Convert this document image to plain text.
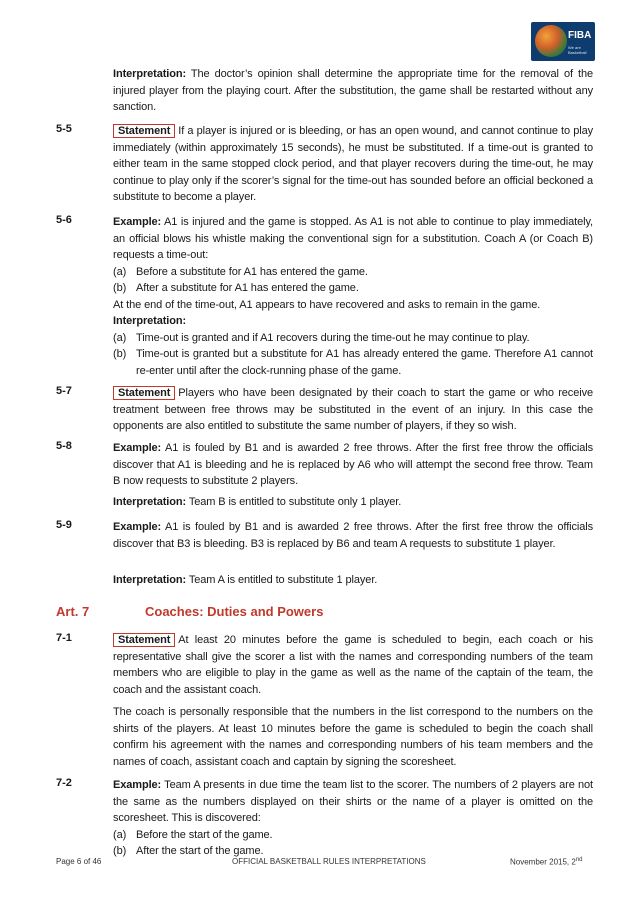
FIBA
We are Basketball
Interpretation: The doctor’s opinion shall determine the appropriate time for the removal of the injured player from the playing court. After the substitution, the game shall be restarted without any sanction.
5-5	Statement If a player is injured or is bleeding, or has an open wound, and cannot continue to play immediately (within approximately 15 seconds), he must be substituted. If a time-out is granted to either team in the same stopped clock period, and that player recovers during the time-out, he may continue to play only if the scorer’s signal for the time-out has sounded before an official beckoned a substitute to become a player.
5-6	Example: A1 is injured and the game is stopped. As A1 is not able to continue to play immediately, an official blows his whistle making the conventional sign for a substitution. Coach A (or Coach B) requests a time-out:
(a) Before a substitute for A1 has entered the game.
(b) After a substitute for A1 has entered the game.
At the end of the time-out, A1 appears to have recovered and asks to remain in the game.
Interpretation:
(a) Time-out is granted and if A1 recovers during the time-out he may continue to play.
(b) Time-out is granted but a substitute for A1 has already entered the game. Therefore A1 cannot re-enter until after the clock-running phase of the game.
5-7	Statement Players who have been designated by their coach to start the game or who receive treatment between free throws may be substituted in the event of an injury. In this case the opponents are also entitled to substitute the same number of players, if they so wish.
5-8	Example: A1 is fouled by B1 and is awarded 2 free throws. After the first free throw the officials discover that A1 is bleeding and he is replaced by A6 who will attempt the second free throw. Team B now requests to substitute 2 players.
Interpretation: Team B is entitled to substitute only 1 player.
5-9	Example: A1 is fouled by B1 and is awarded 2 free throws. After the first free throw the officials discover that B3 is bleeding. B3 is replaced by B6 and team A requests to substitute 1 player.
Interpretation: Team A is entitled to substitute 1 player.
Art. 7	Coaches: Duties and Powers
7-1	Statement At least 20 minutes before the game is scheduled to begin, each coach or his representative shall give the scorer a list with the names and corresponding numbers of the team members who are eligible to play in the game as well as the name of the captain of the team, the coach and the assistant coach.
The coach is personally responsible that the numbers in the list correspond to the numbers on the shirts of the players. At least 10 minutes before the game is scheduled to begin the coach shall confirm his agreement with the names and corresponding numbers of his team members and the names of coach, assistant coach and captain by signing the scoresheet.
7-2	Example: Team A presents in due time the team list to the scorer. The numbers of 2 players are not the same as the numbers displayed on their shirts or the name of a player is omitted on the scoresheet. This is discovered:
(a) Before the start of the game.
(b) After the start of the game.
Page 6 of 46	OFFICIAL BASKETBALL RULES INTERPRETATIONS	November 2015, 2nd
